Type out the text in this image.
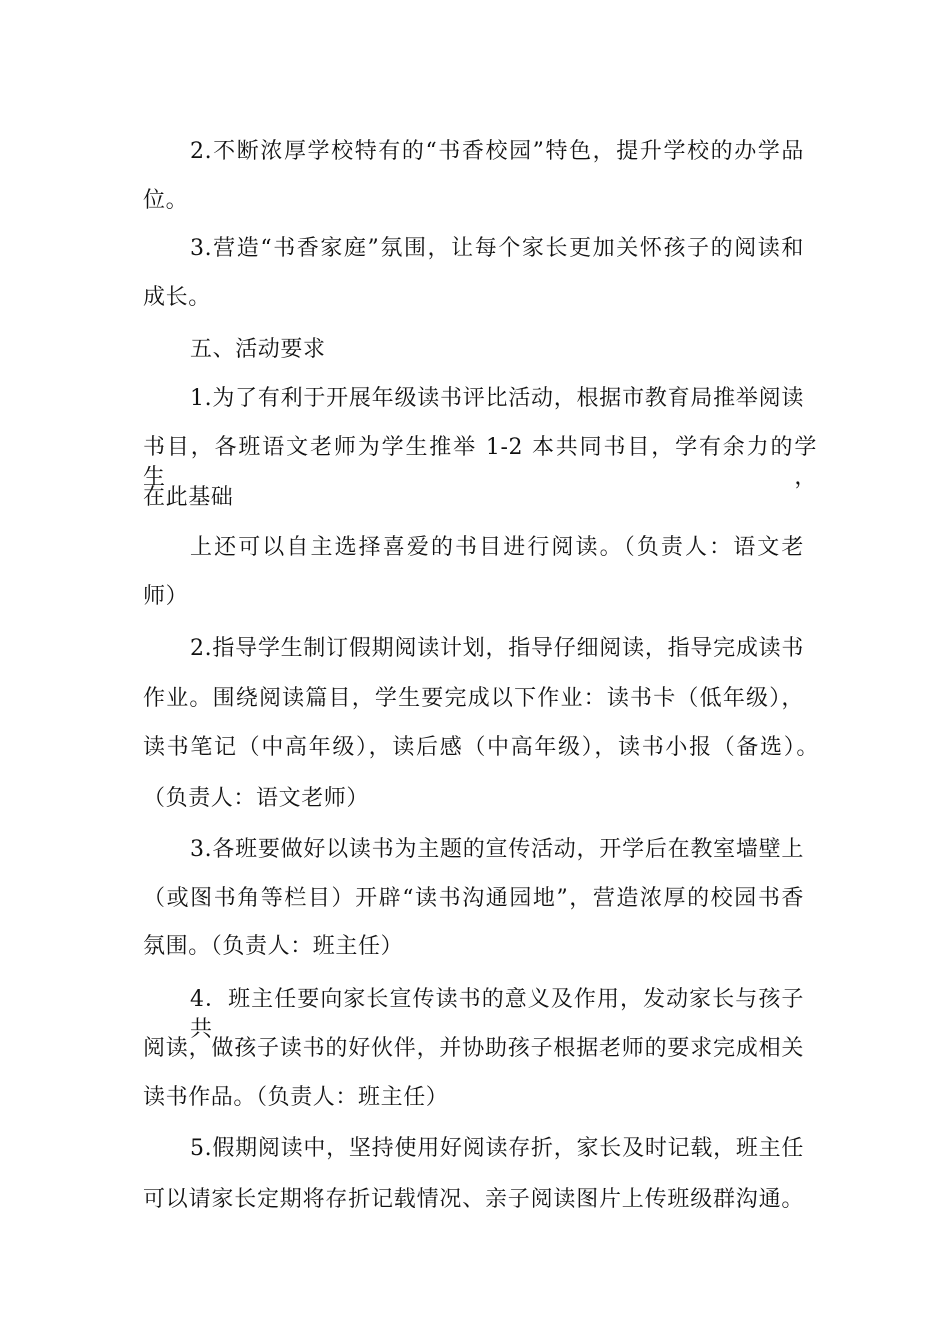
2.不断浓厚学校特有的“书香校园”特色，提升学校的办学品
位。
3.营造“书香家庭”氛围，让每个家长更加关怀孩子的阅读和
成长。
五、活动要求
1.为了有利于开展年级读书评比活动，根据市教育局推举阅读
书目，各班语文老师为学生推举 1-2 本共同书目，学有余力的学生，
在此基础
上还可以自主选择喜爱的书目进行阅读。（负责人：语文老
师）
2.指导学生制订假期阅读计划，指导仔细阅读，指导完成读书
作业。围绕阅读篇目，学生要完成以下作业：读书卡（低年级），
读书笔记（中高年级），读后感（中高年级），读书小报（备选）。
（负责人：语文老师）
3.各班要做好以读书为主题的宣传活动，开学后在教室墙壁上
（或图书角等栏目）开辟“读书沟通园地”，营造浓厚的校园书香
氛围。（负责人：班主任）
4．班主任要向家长宣传读书的意义及作用，发动家长与孩子共
阅读，做孩子读书的好伙伴，并协助孩子根据老师的要求完成相关
读书作品。（负责人：班主任）
5.假期阅读中，坚持使用好阅读存折，家长及时记载，班主任
可以请家长定期将存折记载情况、亲子阅读图片上传班级群沟通。
